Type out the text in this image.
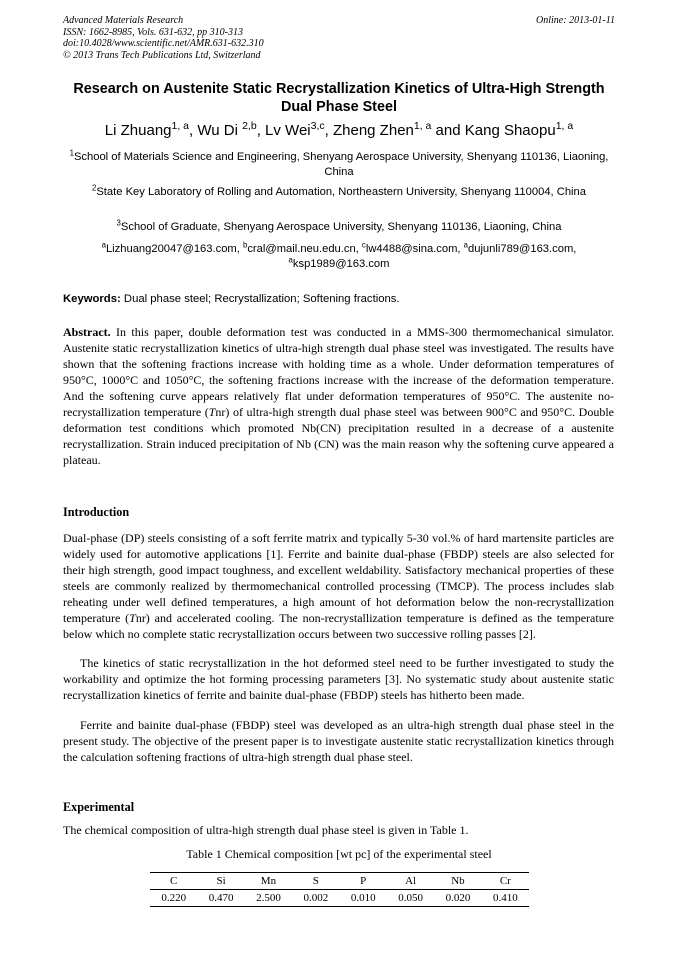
Advanced Materials Research
ISSN: 1662-8985, Vols. 631-632, pp 310-313
doi:10.4028/www.scientific.net/AMR.631-632.310
© 2013 Trans Tech Publications Ltd, Switzerland
Online: 2013-01-11
Research on Austenite Static Recrystallization Kinetics of Ultra-High Strength Dual Phase Steel
Li Zhuang$^{1, a}$, Wu Di $^{2,b}$, Lv Wei$^{3,c}$, Zheng Zhen$^{1, a}$ and Kang Shaopu$^{1, a}$
$^1$School of Materials Science and Engineering, Shenyang Aerospace University, Shenyang 110136, Liaoning, China
$^2$State Key Laboratory of Rolling and Automation, Northeastern University, Shenyang 110004, China
$^3$School of Graduate, Shenyang Aerospace University, Shenyang 110136, Liaoning, China
$^a$Lizhuang20047@163.com, $^b$cral@mail.neu.edu.cn, $^c$lw4488@sina.com, $^a$dujunli789@163.com,
$^a$ksp1989@163.com
Keywords: Dual phase steel; Recrystallization; Softening fractions.

Abstract. In this paper, double deformation test was conducted in a MMS-300 thermomechanical simulator. Austenite static recrystallization kinetics of ultra-high strength dual phase steel was investigated. The results have shown that the softening fractions increase with holding time as a whole. Under deformation temperatures of 950°C, 1000°C and 1050°C, the softening fractions increase with the increase of the deformation temperature. And the softening curve appears relatively flat under deformation temperatures of 950°C. The austenite no-recrystallization temperature (Tnr) of ultra-high strength dual phase steel was between 900°C and 950°C. Double deformation test conditions which promoted Nb(CN) precipitation resulted in a decrease of a austenite recrystallization. Strain induced precipitation of Nb (CN) was the main reason why the softening curve appeared a plateau.

Introduction

Dual-phase (DP) steels consisting of a soft ferrite matrix and typically 5-30 vol.% of hard martensite particles are widely used for automotive applications [1]. Ferrite and bainite dual-phase (FBDP) steels are also selected for their high strength, good impact toughness, and excellent weldability. Satisfactory mechanical properties of these steels are commonly realized by thermomechanical controlled processing (TMCP). The process includes slab reheating under well defined temperatures, a high amount of hot deformation below the non-recrystallization temperature (Tnr) and accelerated cooling. The non-recrystallization temperature is defined as the temperature below which no complete static recrystallization occurs between two successive rolling passes [2].

The kinetics of static recrystallization in the hot deformed steel need to be further investigated to study the workability and optimize the hot forming processing parameters [3]. No systematic study about austenite static recrystallization kinetics of ferrite and bainite dual-phase (FBDP) steels has hitherto been made.

Ferrite and bainite dual-phase (FBDP) steel was developed as an ultra-high strength dual phase steel in the present study. The objective of the present paper is to investigate austenite static recrystallization kinetics through the calculation softening fractions of ultra-high strength dual phase steel.

Experimental

The chemical composition of ultra-high strength dual phase steel is given in Table 1.

Table 1 Chemical composition [wt pc] of the experimental steel
C	Si	Mn	S	P	Al	Nb	Cr
0.220	0.470	2.500	0.002	0.010	0.050	0.020	0.410
